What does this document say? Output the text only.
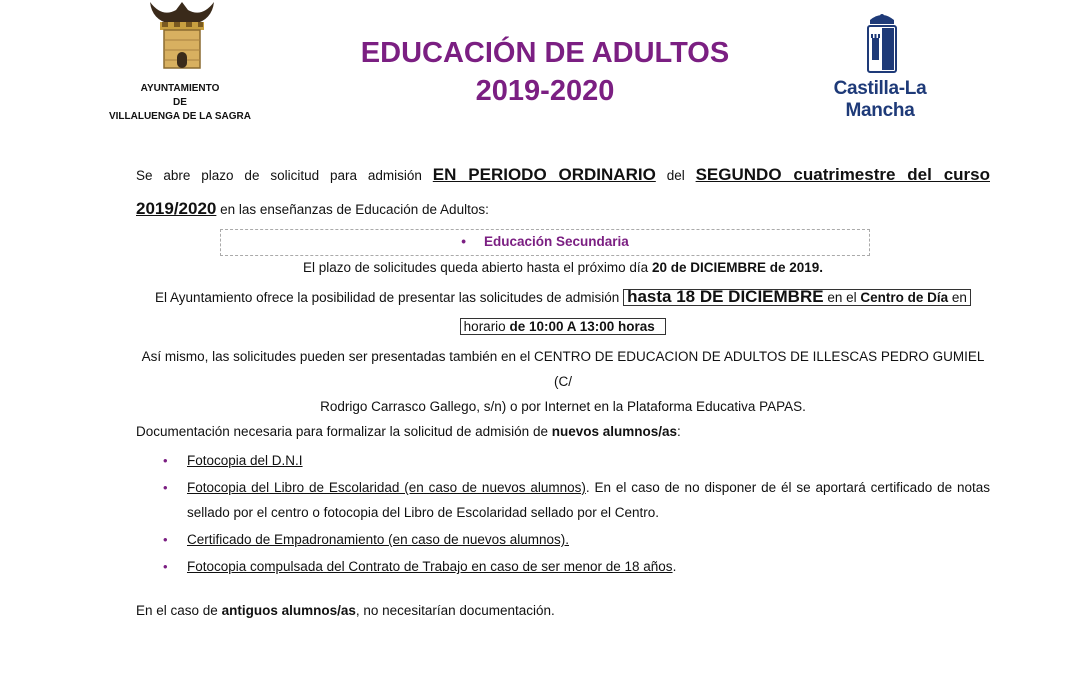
AYUNTAMIENTO
DE
VILLALUENGA DE LA SAGRA
EDUCACIÓN DE ADULTOS
2019-2020	Castilla-La Mancha
Se abre plazo de solicitud para admisión EN PERIODO ORDINARIO del SEGUNDO cuatrimestre del curso
2019/2020 en las enseñanzas de Educación de Adultos:
• Educación Secundaria
El plazo de solicitudes queda abierto hasta el próximo día 20 de DICIEMBRE de 2019.
El Ayuntamiento ofrece la posibilidad de presentar las solicitudes de admisión hasta 18 DE DICIEMBRE en el Centro de Día en
horario de 10:00 A 13:00 horas
Así mismo, las solicitudes pueden ser presentadas también en el CENTRO DE EDUCACION DE ADULTOS DE ILLESCAS PEDRO GUMIEL (C/
Rodrigo Carrasco Gallego, s/n) o por Internet en la Plataforma Educativa PAPAS.
Documentación necesaria para formalizar la solicitud de admisión de nuevos alumnos/as:
• Fotocopia del D.N.I
• Fotocopia del Libro de Escolaridad (en caso de nuevos alumnos). En el caso de no disponer de él se aportará certificado de notas sellado por el centro o fotocopia del Libro de Escolaridad sellado por el Centro.
• Certificado de Empadronamiento (en caso de nuevos alumnos).
• Fotocopia compulsada del Contrato de Trabajo en caso de ser menor de 18 años.
En el caso de antiguos alumnos/as, no necesitarían documentación.
